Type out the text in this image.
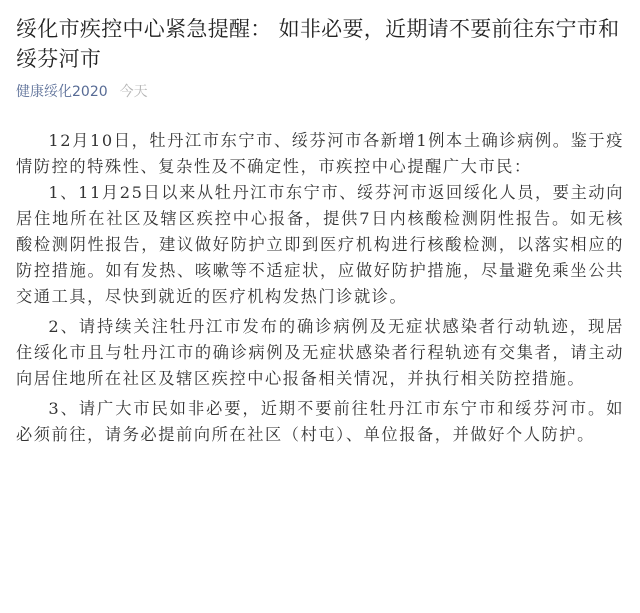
绥化市疾控中心紧急提醒： 如非必要，近期请不要前往东宁市和绥芬河市
健康绥化2020 今天

12月10日，牡丹江市东宁市、绥芬河市各新增1例本土确诊病例。鉴于疫情防控的特殊性、复杂性及不确定性，市疾控中心提醒广大市民：

1、11月25日以来从牡丹江市东宁市、绥芬河市返回绥化人员，要主动向居住地所在社区及辖区疾控中心报备，提供7日内核酸检测阴性报告。如无核酸检测阴性报告，建议做好防护立即到医疗机构进行核酸检测，以落实相应的防控措施。如有发热、咳嗽等不适症状，应做好防护措施，尽量避免乘坐公共交通工具，尽快到就近的医疗机构发热门诊就诊。

2、请持续关注牡丹江市发布的确诊病例及无症状感染者行动轨迹，现居住绥化市且与牡丹江市的确诊病例及无症状感染者行程轨迹有交集者，请主动向居住地所在社区及辖区疾控中心报备相关情况，并执行相关防控措施。

3、请广大市民如非必要，近期不要前往牡丹江市东宁市和绥芬河市。如必须前往，请务必提前向所在社区（村屯）、单位报备，并做好个人防护。
